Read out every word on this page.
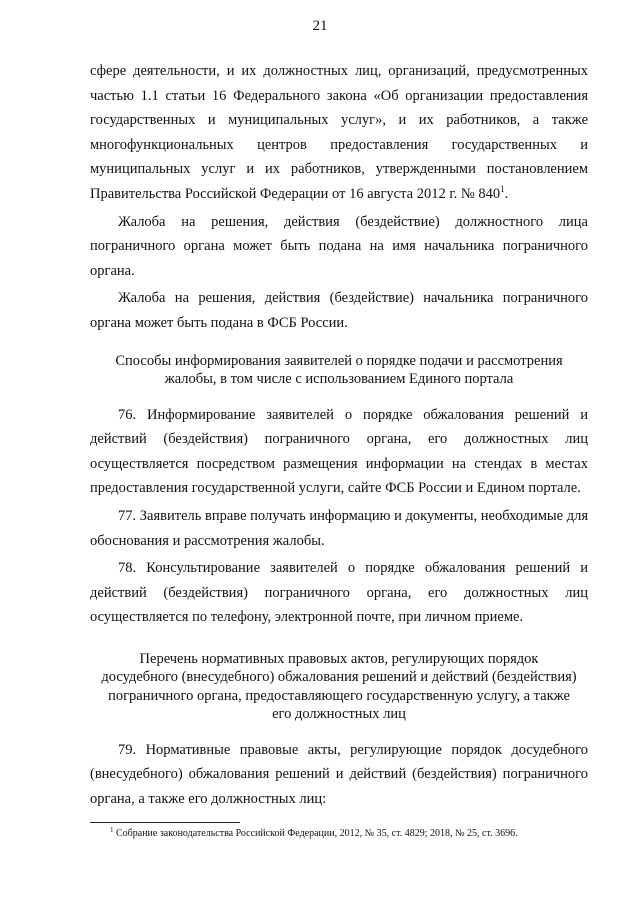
21

сфере деятельности, и их должностных лиц, организаций, предусмотренных частью 1.1 статьи 16 Федерального закона «Об организации предоставления государственных и муниципальных услуг», и их работников, а также многофункциональных центров предоставления государственных и муниципальных услуг и их работников, утвержденными постановлением Правительства Российской Федерации от 16 августа 2012 г. № $840^1$.

Жалоба на решения, действия (бездействие) должностного лица пограничного органа может быть подана на имя начальника пограничного органа.

Жалоба на решения, действия (бездействие) начальника пограничного органа может быть подана в ФСБ России.

Способы информирования заявителей о порядке подачи и рассмотрения
жалобы, в том числе с использованием Единого портала

76. Информирование заявителей о порядке обжалования решений и действий (бездействия) пограничного органа, его должностных лиц осуществляется посредством размещения информации на стендах в местах предоставления государственной услуги, сайте ФСБ России и Едином портале.

77. Заявитель вправе получать информацию и документы, необходимые для обоснования и рассмотрения жалобы.

78. Консультирование заявителей о порядке обжалования решений и действий (бездействия) пограничного органа, его должностных лиц осуществляется по телефону, электронной почте, при личном приеме.

Перечень нормативных правовых актов, регулирующих порядок
досудебного (внесудебного) обжалования решений и действий (бездействия)
пограничного органа, предоставляющего государственную услугу, а также
его должностных лиц

79. Нормативные правовые акты, регулирующие порядок досудебного (внесудебного) обжалования решений и действий (бездействия) пограничного органа, а также его должностных лиц:

$^1$ Собрание законодательства Российской Федерации, 2012, № 35, ст. 4829; 2018, № 25, ст. 3696.
